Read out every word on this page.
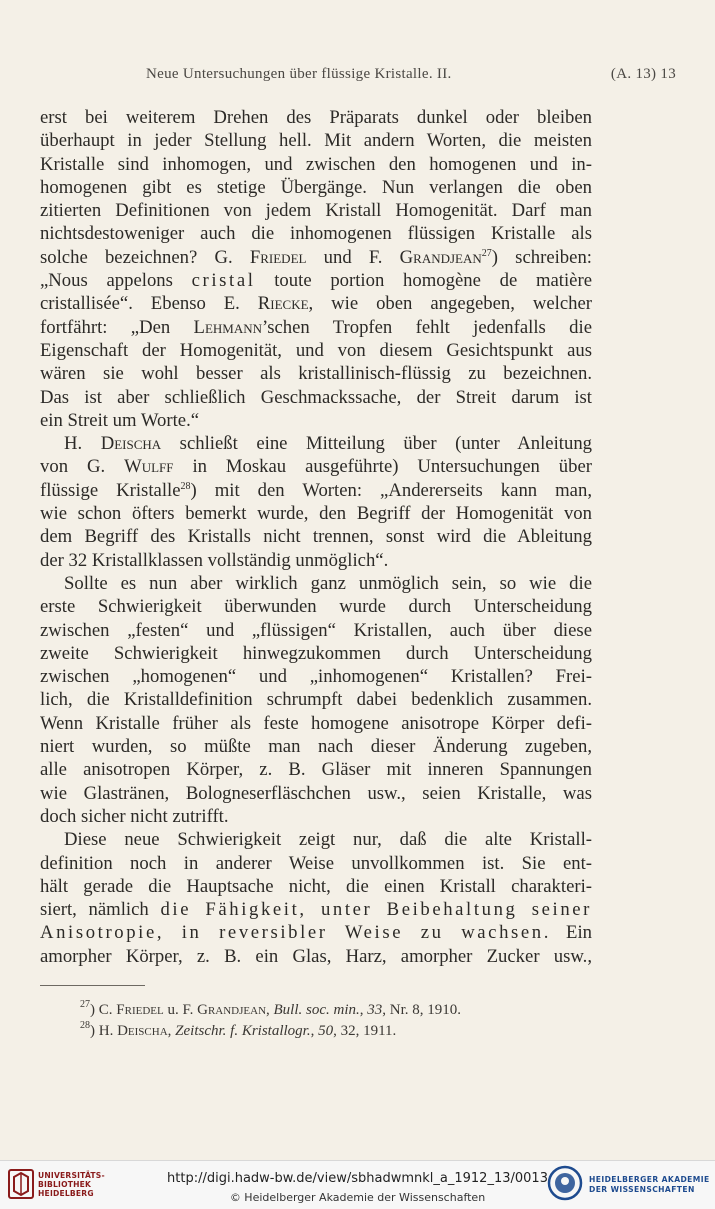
Neue Untersuchungen über flüssige Kristalle. II.	(A. 13) 13
erst bei weiterem Drehen des Präparats dunkel oder bleiben
überhaupt in jeder Stellung hell. Mit andern Worten, die meisten
Kristalle sind inhomogen, und zwischen den homogenen und in-
homogenen gibt es stetige Übergänge. Nun verlangen die oben
zitierten Definitionen von jedem Kristall Homogenität. Darf man
nichtsdestoweniger auch die inhomogenen flüssigen Kristalle als
solche bezeichnen? G. Friedel und F. Grandjean$^{27}$) schreiben:
„Nous appelons cristal toute portion homogène de matière
cristallisée“. Ebenso E. Riecke, wie oben angegeben, welcher
fortfährt: „Den Lehmann’schen Tropfen fehlt jedenfalls die
Eigenschaft der Homogenität, und von diesem Gesichtspunkt aus
wären sie wohl besser als kristallinisch-flüssig zu bezeichnen.
Das ist aber schließlich Geschmackssache, der Streit darum ist
ein Streit um Worte.“
H. Deischa schließt eine Mitteilung über (unter Anleitung
von G. Wulff in Moskau ausgeführte) Untersuchungen über
flüssige Kristalle$^{28}$) mit den Worten: „Andererseits kann man,
wie schon öfters bemerkt wurde, den Begriff der Homogenität von
dem Begriff des Kristalls nicht trennen, sonst wird die Ableitung
der 32 Kristallklassen vollständig unmöglich“.
Sollte es nun aber wirklich ganz unmöglich sein, so wie die
erste Schwierigkeit überwunden wurde durch Unterscheidung
zwischen „festen“ und „flüssigen“ Kristallen, auch über diese
zweite Schwierigkeit hinwegzukommen durch Unterscheidung
zwischen „homogenen“ und „inhomogenen“ Kristallen? Frei-
lich, die Kristalldefinition schrumpft dabei bedenklich zusammen.
Wenn Kristalle früher als feste homogene anisotrope Körper defi-
niert wurden, so müßte man nach dieser Änderung zugeben,
alle anisotropen Körper, z. B. Gläser mit inneren Spannungen
wie Glastränen, Bologneserfläschchen usw., seien Kristalle, was
doch sicher nicht zutrifft.
Diese neue Schwierigkeit zeigt nur, daß die alte Kristall-
definition noch in anderer Weise unvollkommen ist. Sie ent-
hält gerade die Hauptsache nicht, die einen Kristall charakteri-
siert, nämlich die Fähigkeit, unter Beibehaltung seiner
Anisotropie, in reversibler Weise zu wachsen. Ein
amorpher Körper, z. B. ein Glas, Harz, amorpher Zucker usw.,
$^{27}$) C. Friedel u. F. Grandjean, Bull. soc. min., 33, Nr. 8, 1910.
$^{28}$) H. Deischa, Zeitschr. f. Kristallogr., 50, 32, 1911.
UNIVERSITÄTS-
BIBLIOTHEK
HEIDELBERG
http://digi.hadw-bw.de/view/sbhadwmnkl_a_1912_13/0013
© Heidelberger Akademie der Wissenschaften
HEIDELBERGER AKADEMIE
DER WISSENSCHAFTEN
